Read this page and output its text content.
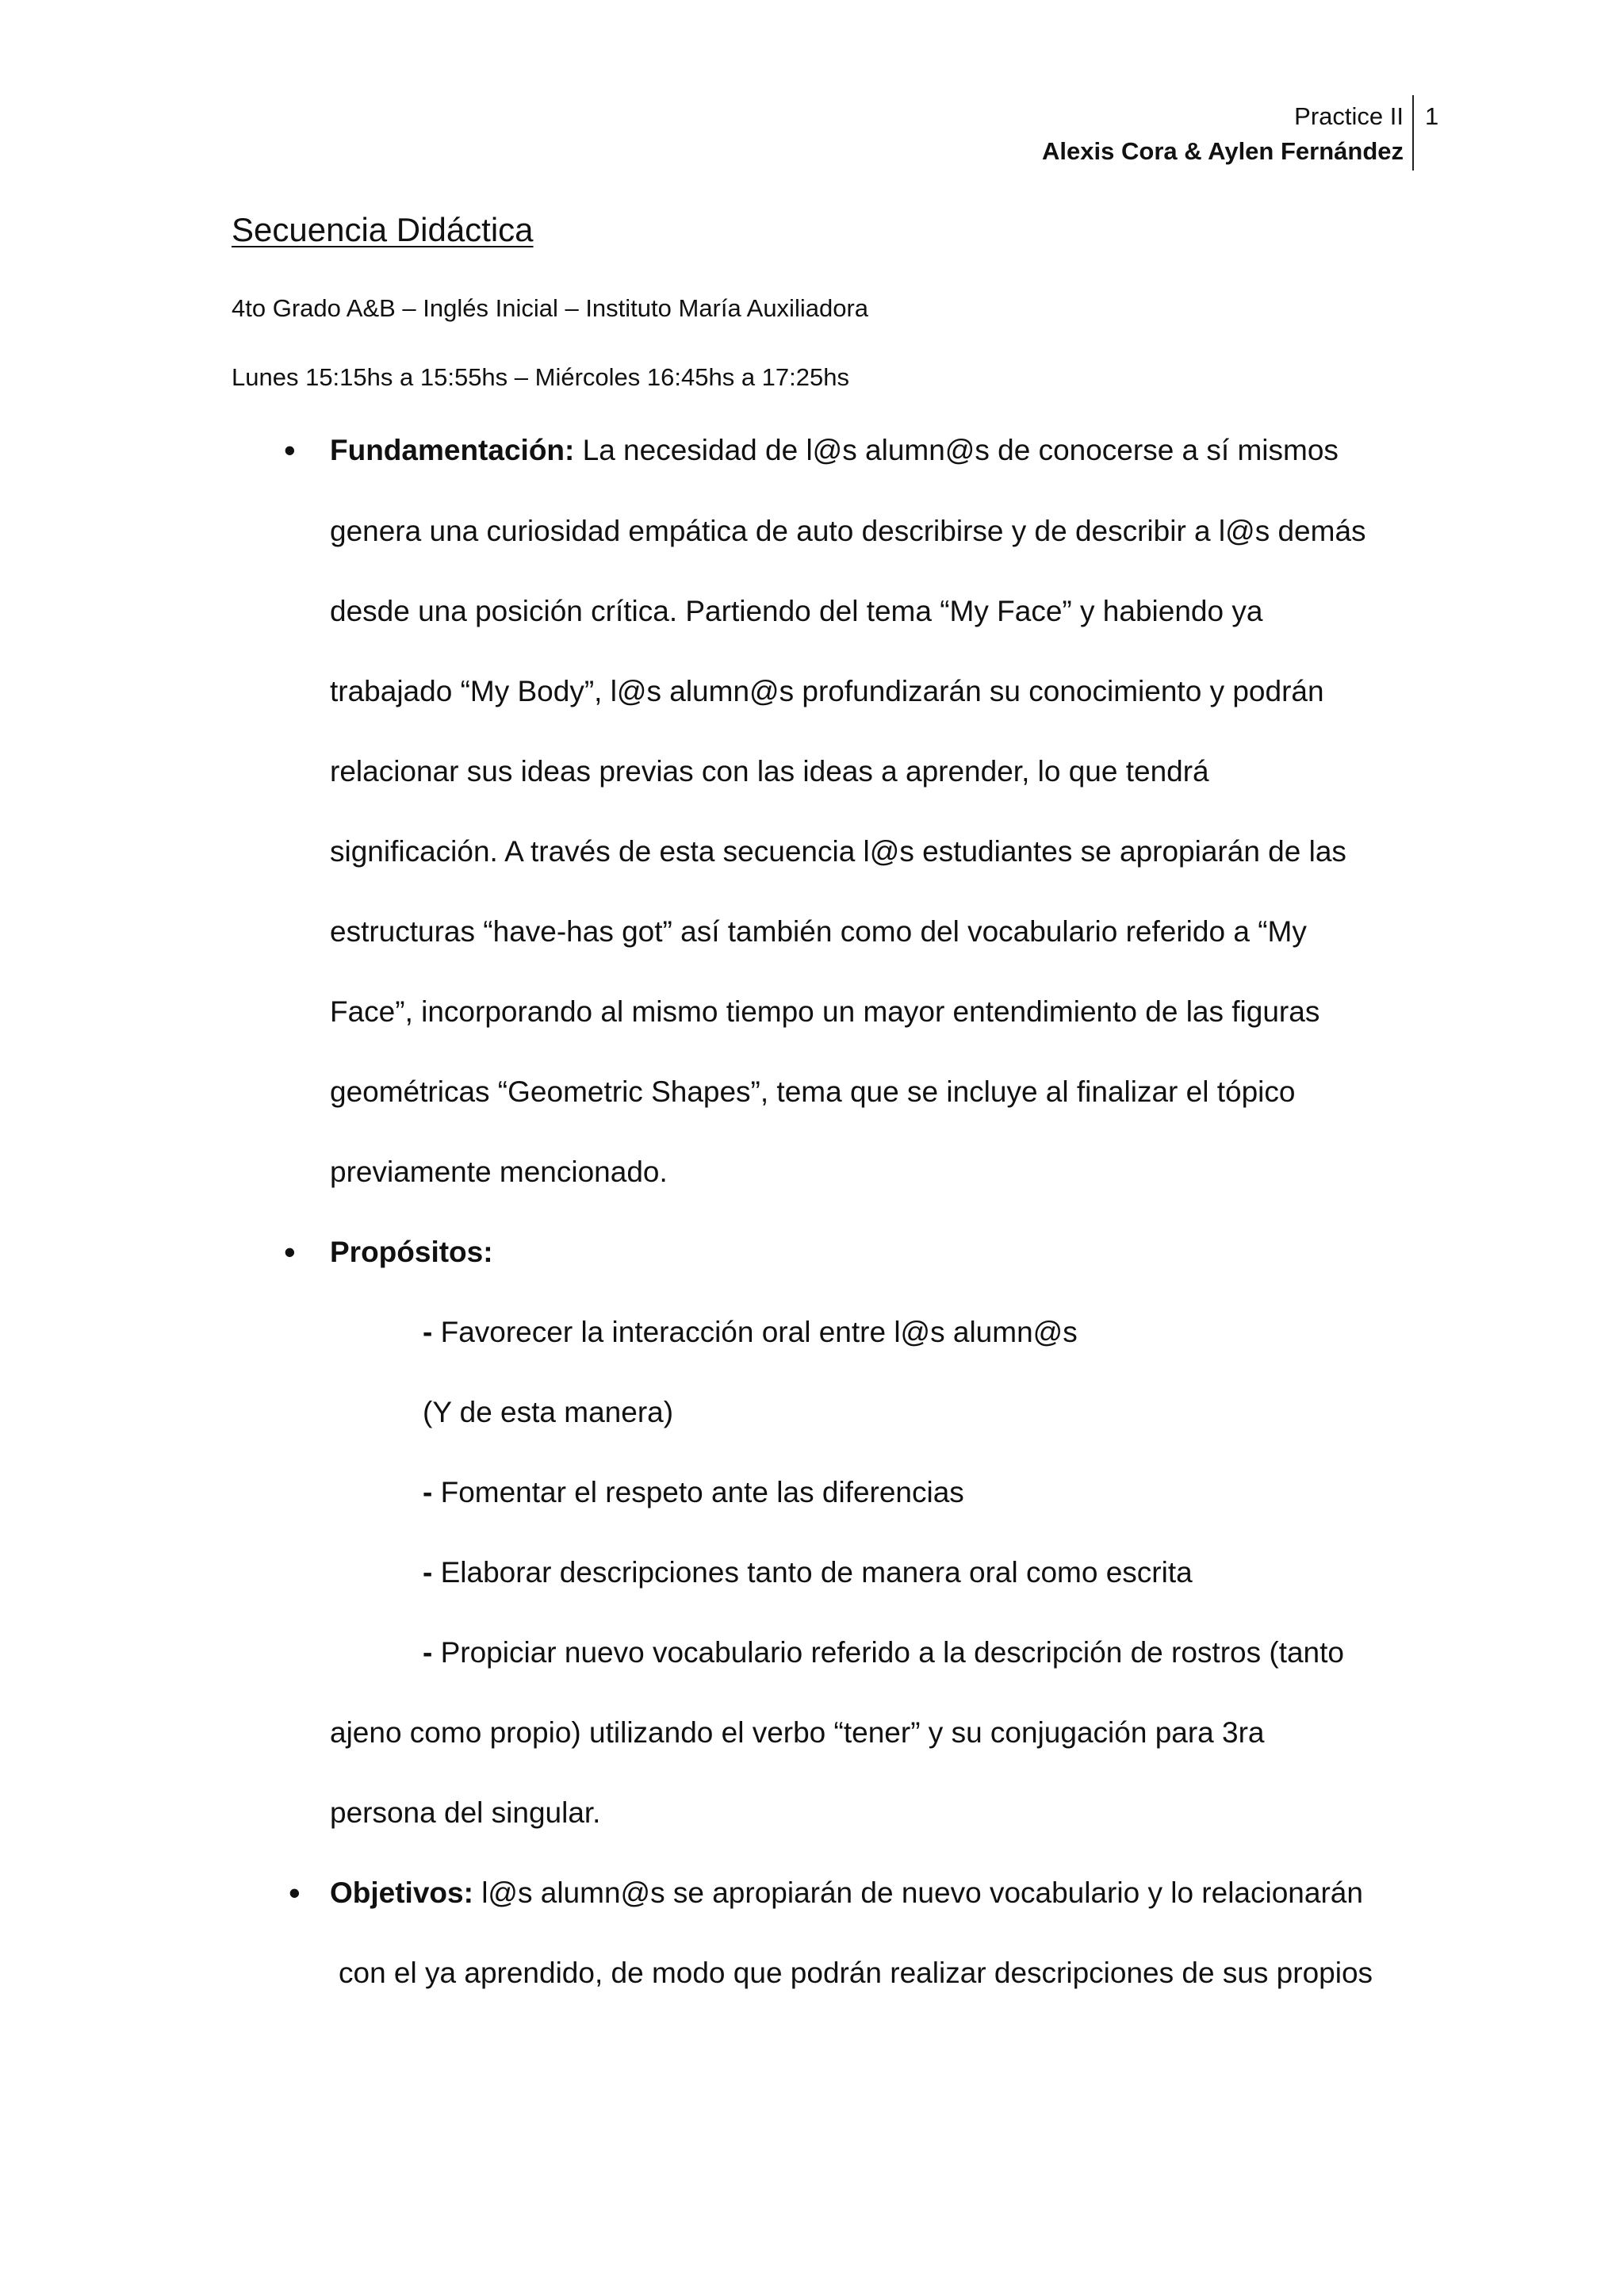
Practice II
Alexis Cora & Aylen Fernández
1
Secuencia Didáctica
4to Grado A&B – Inglés Inicial – Instituto María Auxiliadora
Lunes 15:15hs a 15:55hs – Miércoles 16:45hs a 17:25hs
• Fundamentación: La necesidad de l@s alumn@s de conocerse a sí mismos
genera una curiosidad empática de auto describirse y de describir a l@s demás
desde una posición crítica. Partiendo del tema “My Face” y habiendo ya
trabajado “My Body”, l@s alumn@s profundizarán su conocimiento y podrán
relacionar sus ideas previas con las ideas a aprender, lo que tendrá
significación. A través de esta secuencia l@s estudiantes se apropiarán de las
estructuras “have-has got” así también como del vocabulario referido a “My
Face”, incorporando al mismo tiempo un mayor entendimiento de las figuras
geométricas “Geometric Shapes”, tema que se incluye al finalizar el tópico
previamente mencionado.
• Propósitos:
- Favorecer la interacción oral entre l@s alumn@s
(Y de esta manera)
- Fomentar el respeto ante las diferencias
- Elaborar descripciones tanto de manera oral como escrita
- Propiciar nuevo vocabulario referido a la descripción de rostros (tanto
ajeno como propio) utilizando el verbo “tener” y su conjugación para 3ra
persona del singular.
• Objetivos: l@s alumn@s se apropiarán de nuevo vocabulario y lo relacionarán
con el ya aprendido, de modo que podrán realizar descripciones de sus propios
